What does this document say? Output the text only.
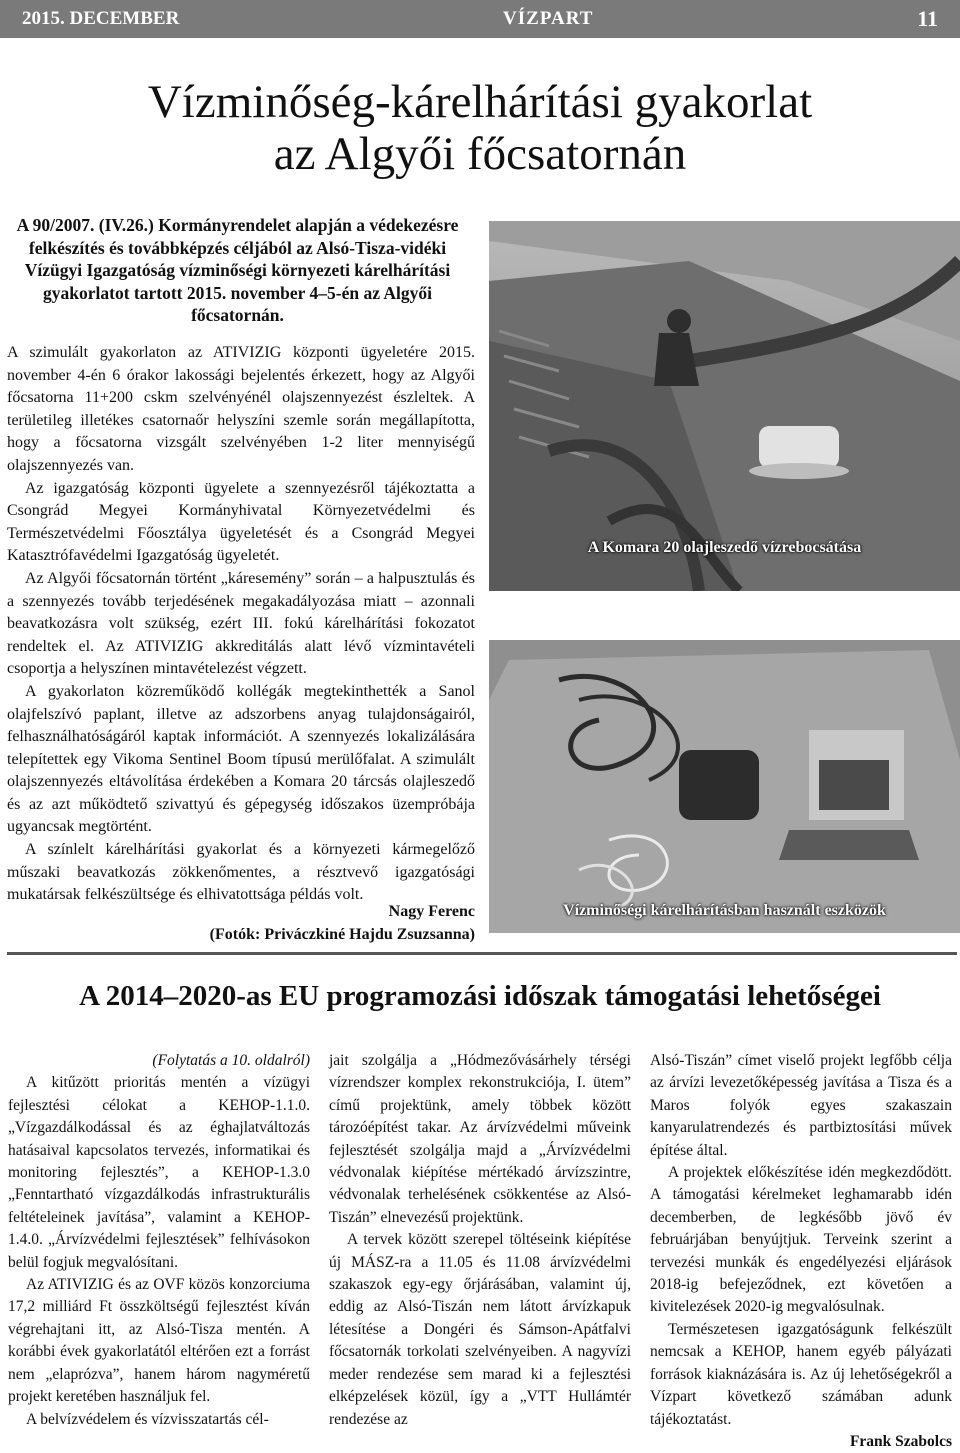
2015. DECEMBER	VÍZPART	11
Vízminőség-kárelhárítási gyakorlat
az Algyői főcsatornán
A 90/2007. (IV.26.) Kormányrendelet alapján a védekezésre felkészítés és továbbképzés céljából az Alsó-Tisza-vidéki Vízügyi Igazgatóság vízminőségi környezeti kárelhárítási gyakorlatot tartott 2015. november 4–5-én az Algyői főcsatornán.

A szimulált gyakorlaton az ATIVIZIG központi ügyeletére 2015. november 4-én 6 órakor lakossági bejelentés érkezett, hogy az Algyői főcsatorna 11+200 cskm szelvényénél olajszennyezést észleltek. A területileg illetékes csatornaőr helyszíni szemle során megállapította, hogy a főcsatorna vizsgált szelvényében 1-2 liter mennyiségű olajszennyezés van.

Az igazgatóság központi ügyelete a szennyezésről tájékoztatta a Csongrád Megyei Kormányhivatal Környezetvédelmi és Természetvédelmi Főosztálya ügyeletését és a Csongrád Megyei Katasztrófavédelmi Igazgatóság ügyeletét.

Az Algyői főcsatornán történt „káresemény” során – a halpusztulás és a szennyezés tovább terjedésének megakadályozása miatt – azonnali beavatkozásra volt szükség, ezért III. fokú kárelhárítási fokozatot rendeltek el. Az ATIVIZIG akkreditálás alatt lévő vízmintavételi csoportja a helyszínen mintavételezést végzett.

A gyakorlaton közreműködő kollégák megtekinthették a Sanol olajfelszívó paplant, illetve az adszorbens anyag tulajdonságairól, felhasználhatóságáról kaptak információt. A szennyezés lokalizálására telepítettek egy Vikoma Sentinel Boom típusú merülőfalat. A szimulált olajszennyezés eltávolítása érdekében a Komara 20 tárcsás olajleszedő és az azt működtető szivattyú és gépegység időszakos üzempróbája ugyancsak megtörtént.

A színlelt kárelhárítási gyakorlat és a környezeti kármegelőző műszaki beavatkozás zökkenőmentes, a résztvevő igazgatósági mukatársak felkészültsége és elhivatottsága példás volt.

Nagy Ferenc
(Fotók: Priváczkiné Hajdu Zsuzsanna)
A Komara 20 olajleszedő vízrebocsátása
Vízminőségi kárelhárításban használt eszközök
A 2014–2020-as EU programozási időszak támogatási lehetőségei
(Folytatás a 10. oldalról)

A kitűzött prioritás mentén a vízügyi fejlesztési célokat a KEHOP-1.1.0. „Vízgazdálkodással és az éghajlatváltozás hatásaival kapcsolatos tervezés, informatikai és monitoring fejlesztés”, a KEHOP-1.3.0 „Fenntartható vízgazdálkodás infrastrukturális feltételeinek javítása”, valamint a KEHOP-1.4.0. „Árvízvédelmi fejlesztések” felhívásokon belül fogjuk megvalósítani.

Az ATIVIZIG és az OVF közös konzorciuma 17,2 milliárd Ft összköltségű fejlesztést kíván végrehajtani itt, az Alsó-Tisza mentén. A korábbi évek gyakorlatától eltérően ezt a forrást nem „elaprózva”, hanem három nagyméretű projekt keretében használjuk fel.

A belvízvédelem és vízvisszatartás cél-

jait szolgálja a „Hódmezővásárhely térségi vízrendszer komplex rekonstrukciója, I. ütem” című projektünk, amely többek között tározóépítést takar. Az árvízvédelmi műveink fejlesztését szolgálja majd a „Árvízvédelmi védvonalak kiépítése mértékadó árvízszintre, védvonalak terhelésének csökkentése az Alsó-Tiszán” elnevezésű projektünk.

A tervek között szerepel töltéseink kiépítése új MÁSZ-ra a 11.05 és 11.08 árvízvédelmi szakaszok egy-egy őrjárásában, valamint új, eddig az Alsó-Tiszán nem látott árvízkapuk létesítése a Dongéri és Sámson-Apátfalvi főcsatornák torkolati szelvényeiben. A nagyvízi meder rendezése sem marad ki a fejlesztési elképzelések közül, így a „VTT Hullámtér rendezése az

Alsó-Tiszán” címet viselő projekt legfőbb célja az árvízi levezetőképesség javítása a Tisza és a Maros folyók egyes szakaszain kanyarulatrendezés és partbiztosítási művek építése által.

A projektek előkészítése idén megkezdődött. A támogatási kérelmeket leghamarabb idén decemberben, de legkésőbb jövő év februárjában benyújtjuk. Terveink szerint a tervezési munkák és engedélyezési eljárások 2018-ig befejeződnek, ezt követően a kivitelezések 2020-ig megvalósulnak.

Természetesen igazgatóságunk felkészült nemcsak a KEHOP, hanem egyéb pályázati források kiaknázására is. Az új lehetőségekről a Vízpart következő számában adunk tájékoztatást.

Frank Szabolcs
